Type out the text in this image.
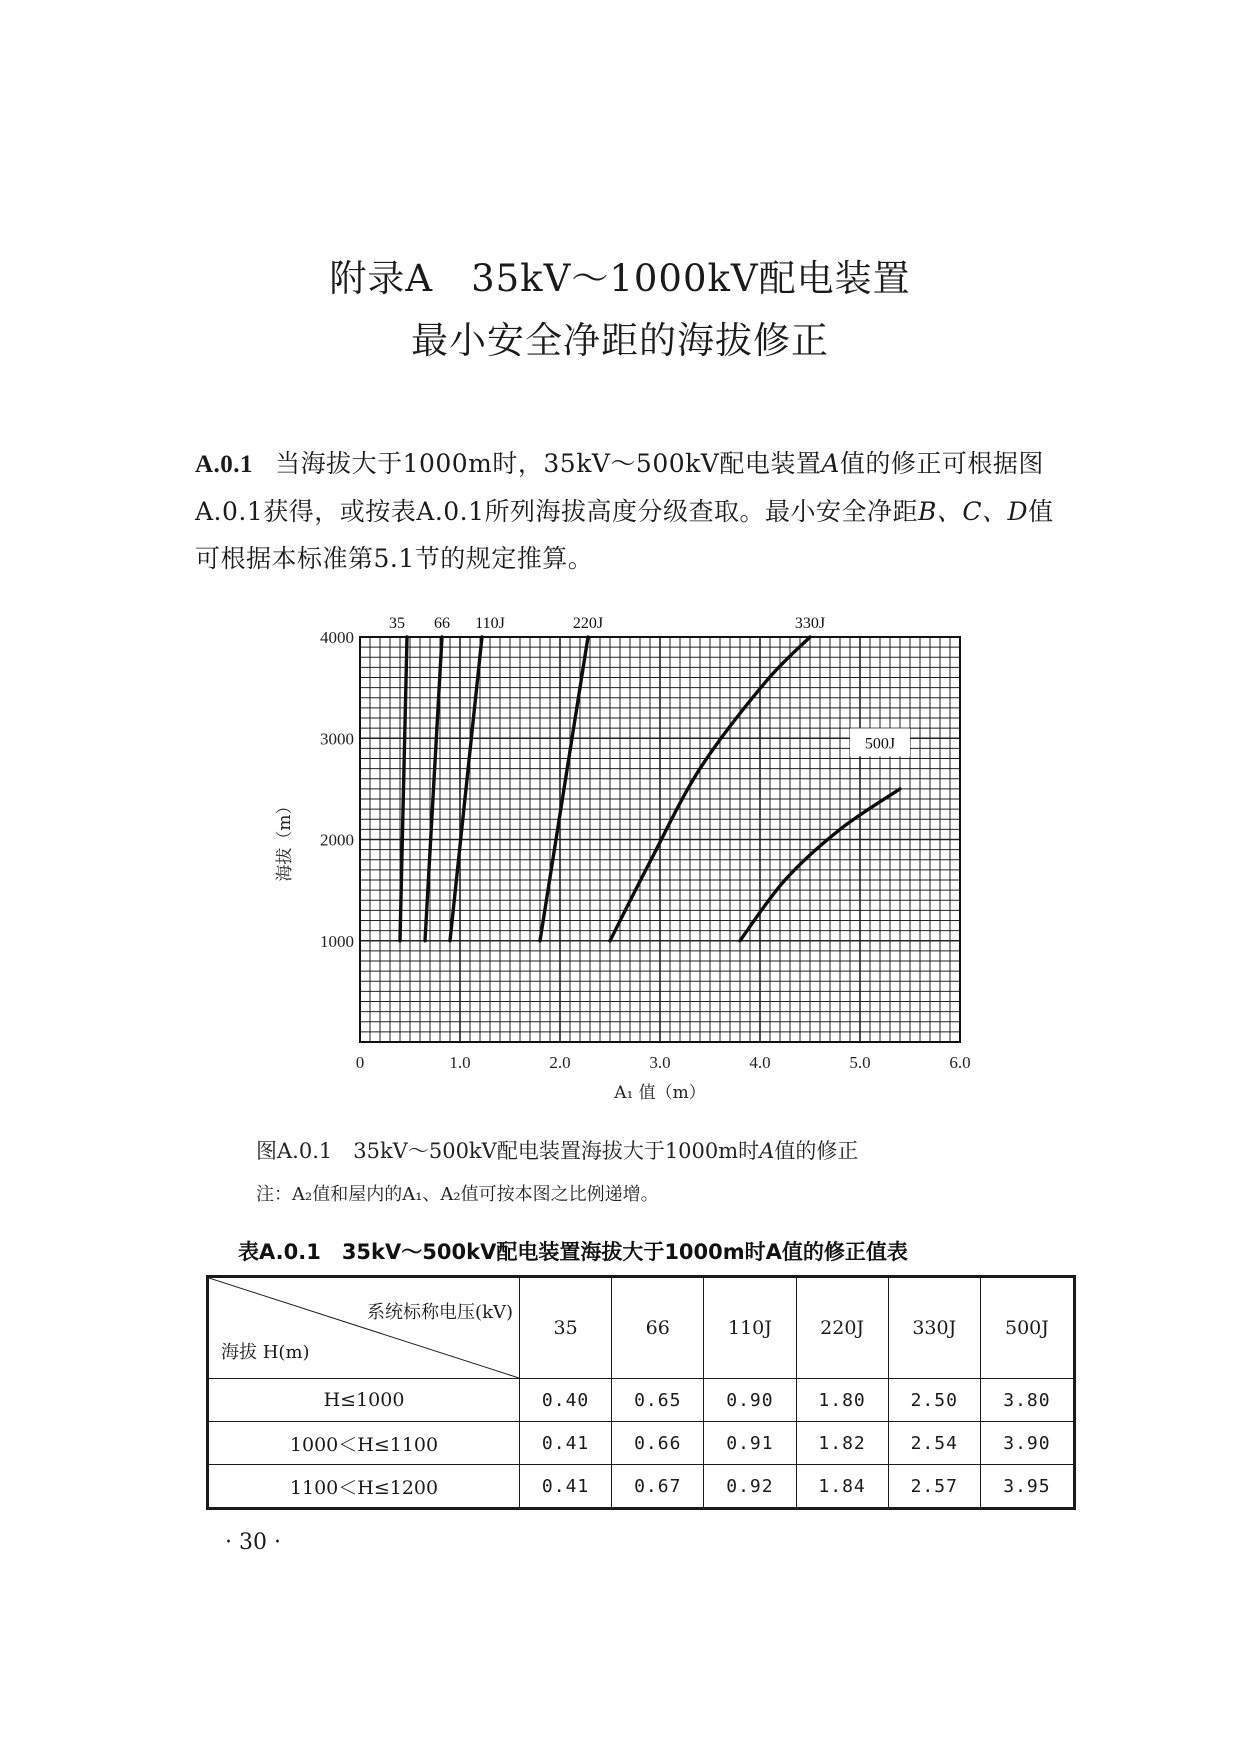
附录A　35kV～1000kV配电装置
最小安全净距的海拔修正
A.0.1 当海拔大于1000m时，35kV～500kV配电装置A值的修正可根据图A.0.1获得，或按表A.0.1所列海拔高度分级查取。最小安全净距B、C、D值可根据本标准第5.1节的规定推算。
0	1.0	2.0	3.0	4.0	5.0	6.0
1000
2000
3000
4000
A₁ 值（m）
海拔（m）
35 66 110J	220J	330J
500J
图A.0.1　35kV～500kV配电装置海拔大于1000m时A值的修正
注：A₂值和屋内的A₁、A₂值可按本图之比例递增。
表A.0.1　35kV～500kV配电装置海拔大于1000m时A值的修正值表
系统标称电压(kV)
海拔 H(m)	35	66	110J	220J	330J	500J
H≤1000	0.40	0.65	0.90	1.80	2.50	3.80
1000＜H≤1100	0.41	0.66	0.91	1.82	2.54	3.90
1100＜H≤1200	0.41	0.67	0.92	1.84	2.57	3.95
· 30 ·
